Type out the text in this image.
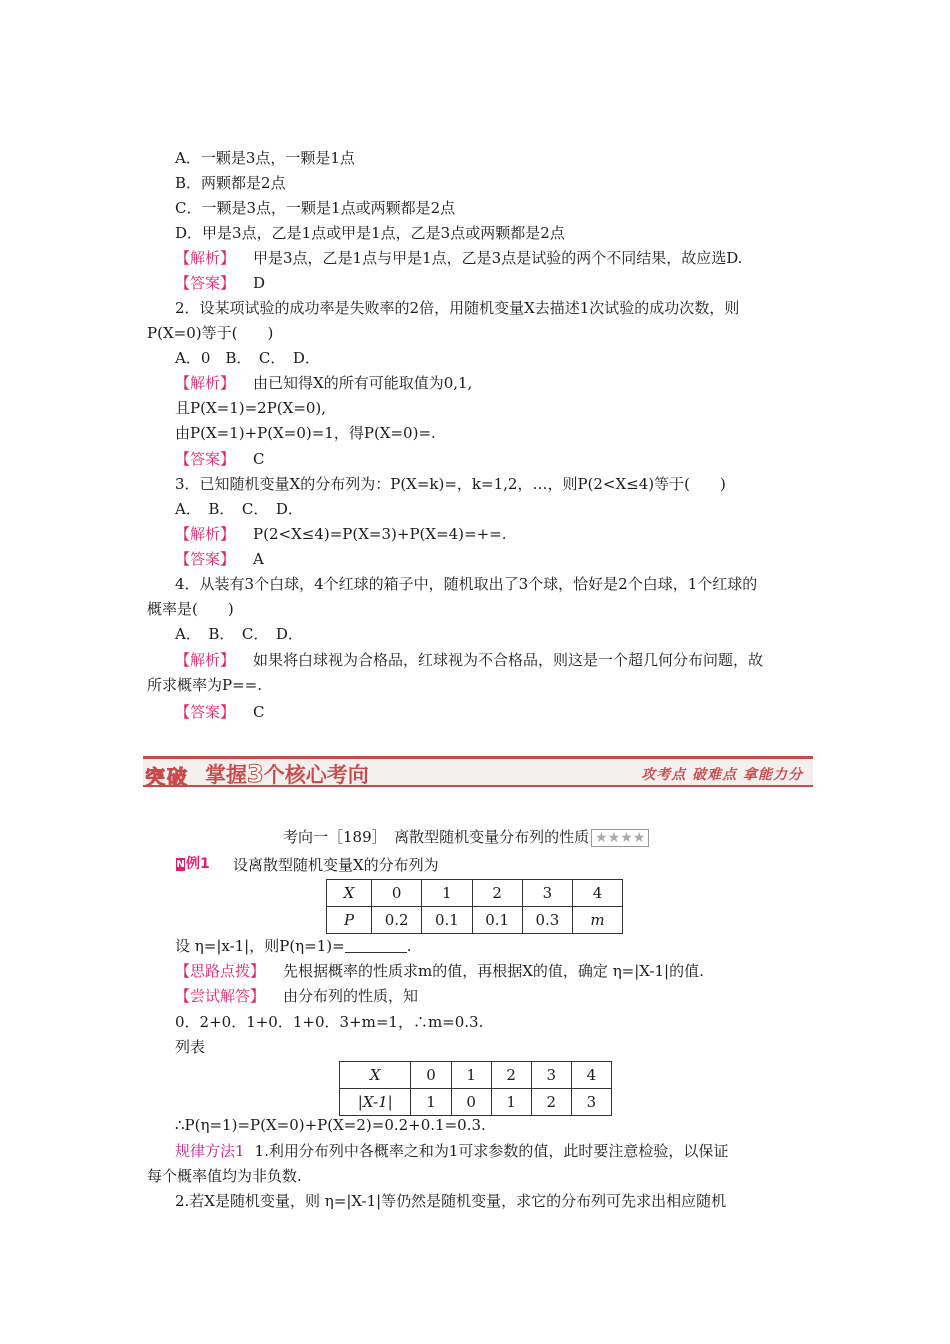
A．一颗是3点，一颗是1点
B．两颗都是2点
C．一颗是3点，一颗是1点或两颗都是2点
D．甲是3点，乙是1点或甲是1点，乙是3点或两颗都是2点
【解析】 甲是3点，乙是1点与甲是1点，乙是3点是试验的两个不同结果，故应选D.
【答案】 D
2．设某项试验的成功率是失败率的2倍，用随机变量X去描述1次试验的成功次数，则
P(X=0)等于(　　)
A．0　B．　C．　D．
【解析】 由已知得X的所有可能取值为0,1,
且P(X=1)=2P(X=0),
由P(X=1)+P(X=0)=1，得P(X=0)=.
【答案】 C
3．已知随机变量X的分布列为：P(X=k)=，k=1,2，…，则P(2<X≤4)等于(　　)
A．　B．　C．　D．
【解析】 P(2<X≤4)=P(X=3)+P(X=4)=+=.
【答案】 A
4．从装有3个白球，4个红球的箱子中，随机取出了3个球，恰好是2个白球，1个红球的
概率是(　　)
A．　B．　C．　D．
【解析】 如果将白球视为合格品，红球视为不合格品，则这是一个超几何分布问题，故
所求概率为P==.
【答案】 C
突破 掌握3个核心考向	攻考点 破难点 拿能力分
考向一［189］　离散型随机变量分布列的性质 ★★★★
N例1 设离散型随机变量X的分布列为
X	0	1	2	3	4
P	0.2	0.1	0.1	0.3	m
设 η=|x-1|，则P(η=1)=	.
【思路点拨】 先根据概率的性质求m的值，再根据X的值，确定 η=|X-1|的值.
【尝试解答】 由分布列的性质，知
0．2+0．1+0．1+0．3+m=1，∴m=0.3.
列表
X	0	1	2	3	4
|X-1|	1	0	1	2	3
∴P(η=1)=P(X=0)+P(X=2)=0.2+0.1=0.3.
规律方法1 1.利用分布列中各概率之和为1可求参数的值，此时要注意检验，以保证
每个概率值均为非负数.
2.若X是随机变量，则 η=|X-1|等仍然是随机变量，求它的分布列可先求出相应随机
